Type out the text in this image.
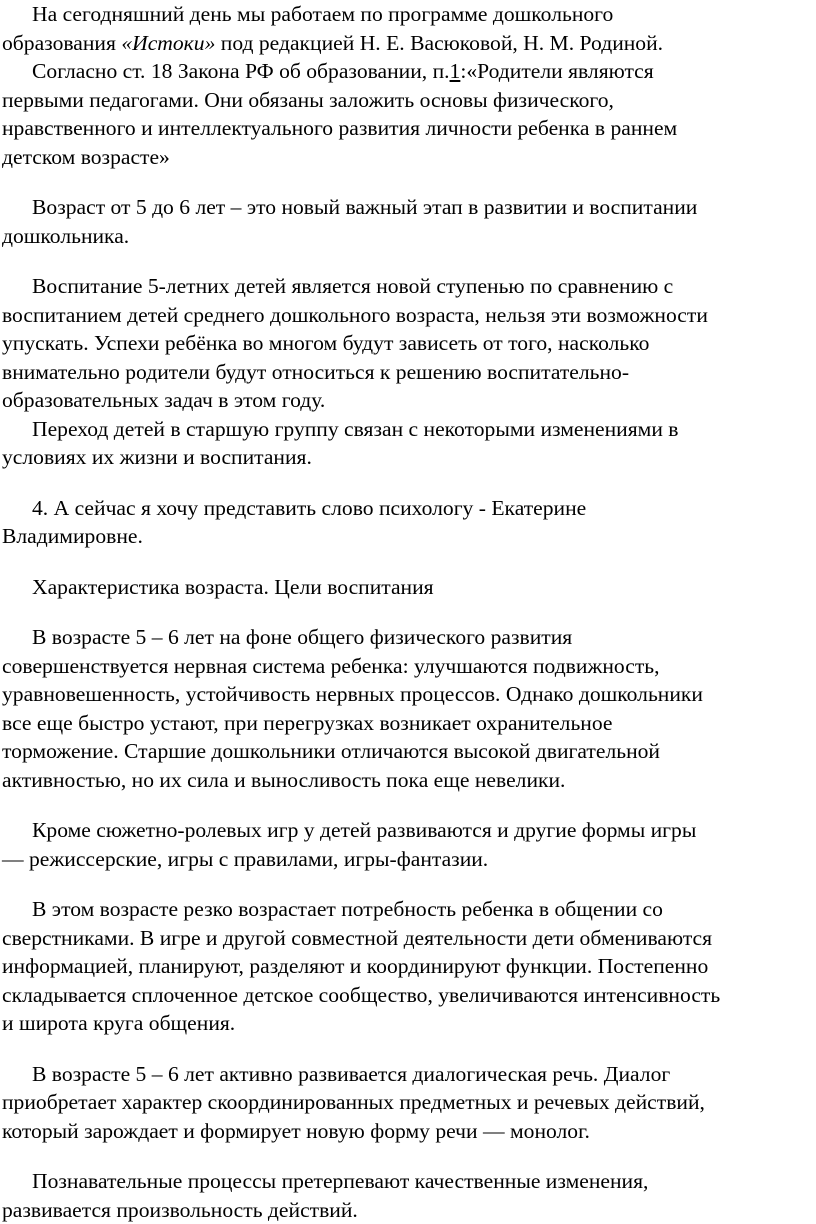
На сегодняшний день мы работаем по программе дошкольного
образования «Истоки» под редакцией Н. Е. Васюковой, Н. М. Родиной.

Согласно ст. 18 Закона РФ об образовании, п.1:«Родители являются
первыми педагогами. Они обязаны заложить основы физического,
нравственного и интеллектуального развития личности ребенка в раннем
детском возрасте»

Возраст от 5 до 6 лет – это новый важный этап в развитии и воспитании
дошкольника.

Воспитание 5-летних детей является новой ступенью по сравнению с
воспитанием детей среднего дошкольного возраста, нельзя эти возможности
упускать. Успехи ребёнка во многом будут зависеть от того, насколько
внимательно родители будут относиться к решению воспитательно-
образовательных задач в этом году.

Переход детей в старшую группу связан с некоторыми изменениями в
условиях их жизни и воспитания.

4. А сейчас я хочу представить слово психологу - Екатерине
Владимировне.

Характеристика возраста. Цели воспитания

В возрасте 5 – 6 лет на фоне общего физического развития
совершенствуется нервная система ребенка: улучшаются подвижность,
уравновешенность, устойчивость нервных процессов. Однако дошкольники
все еще быстро устают, при перегрузках возникает охранительное
торможение. Старшие дошкольники отличаются высокой двигательной
активностью, но их сила и выносливость пока еще невелики.

Кроме сюжетно-ролевых игр у детей развиваются и другие формы игры
— режиссерские, игры с правилами, игры-фантазии.

В этом возрасте резко возрастает потребность ребенка в общении со
сверстниками. В игре и другой совместной деятельности дети обмениваются
информацией, планируют, разделяют и координируют функции. Постепенно
складывается сплоченное детское сообщество, увеличиваются интенсивность
и широта круга общения.

В возрасте 5 – 6 лет активно развивается диалогическая речь. Диалог
приобретает характер скоординированных предметных и речевых действий,
который зарождает и формирует новую форму речи — монолог.

Познавательные процессы претерпевают качественные изменения,
развивается произвольность действий.
